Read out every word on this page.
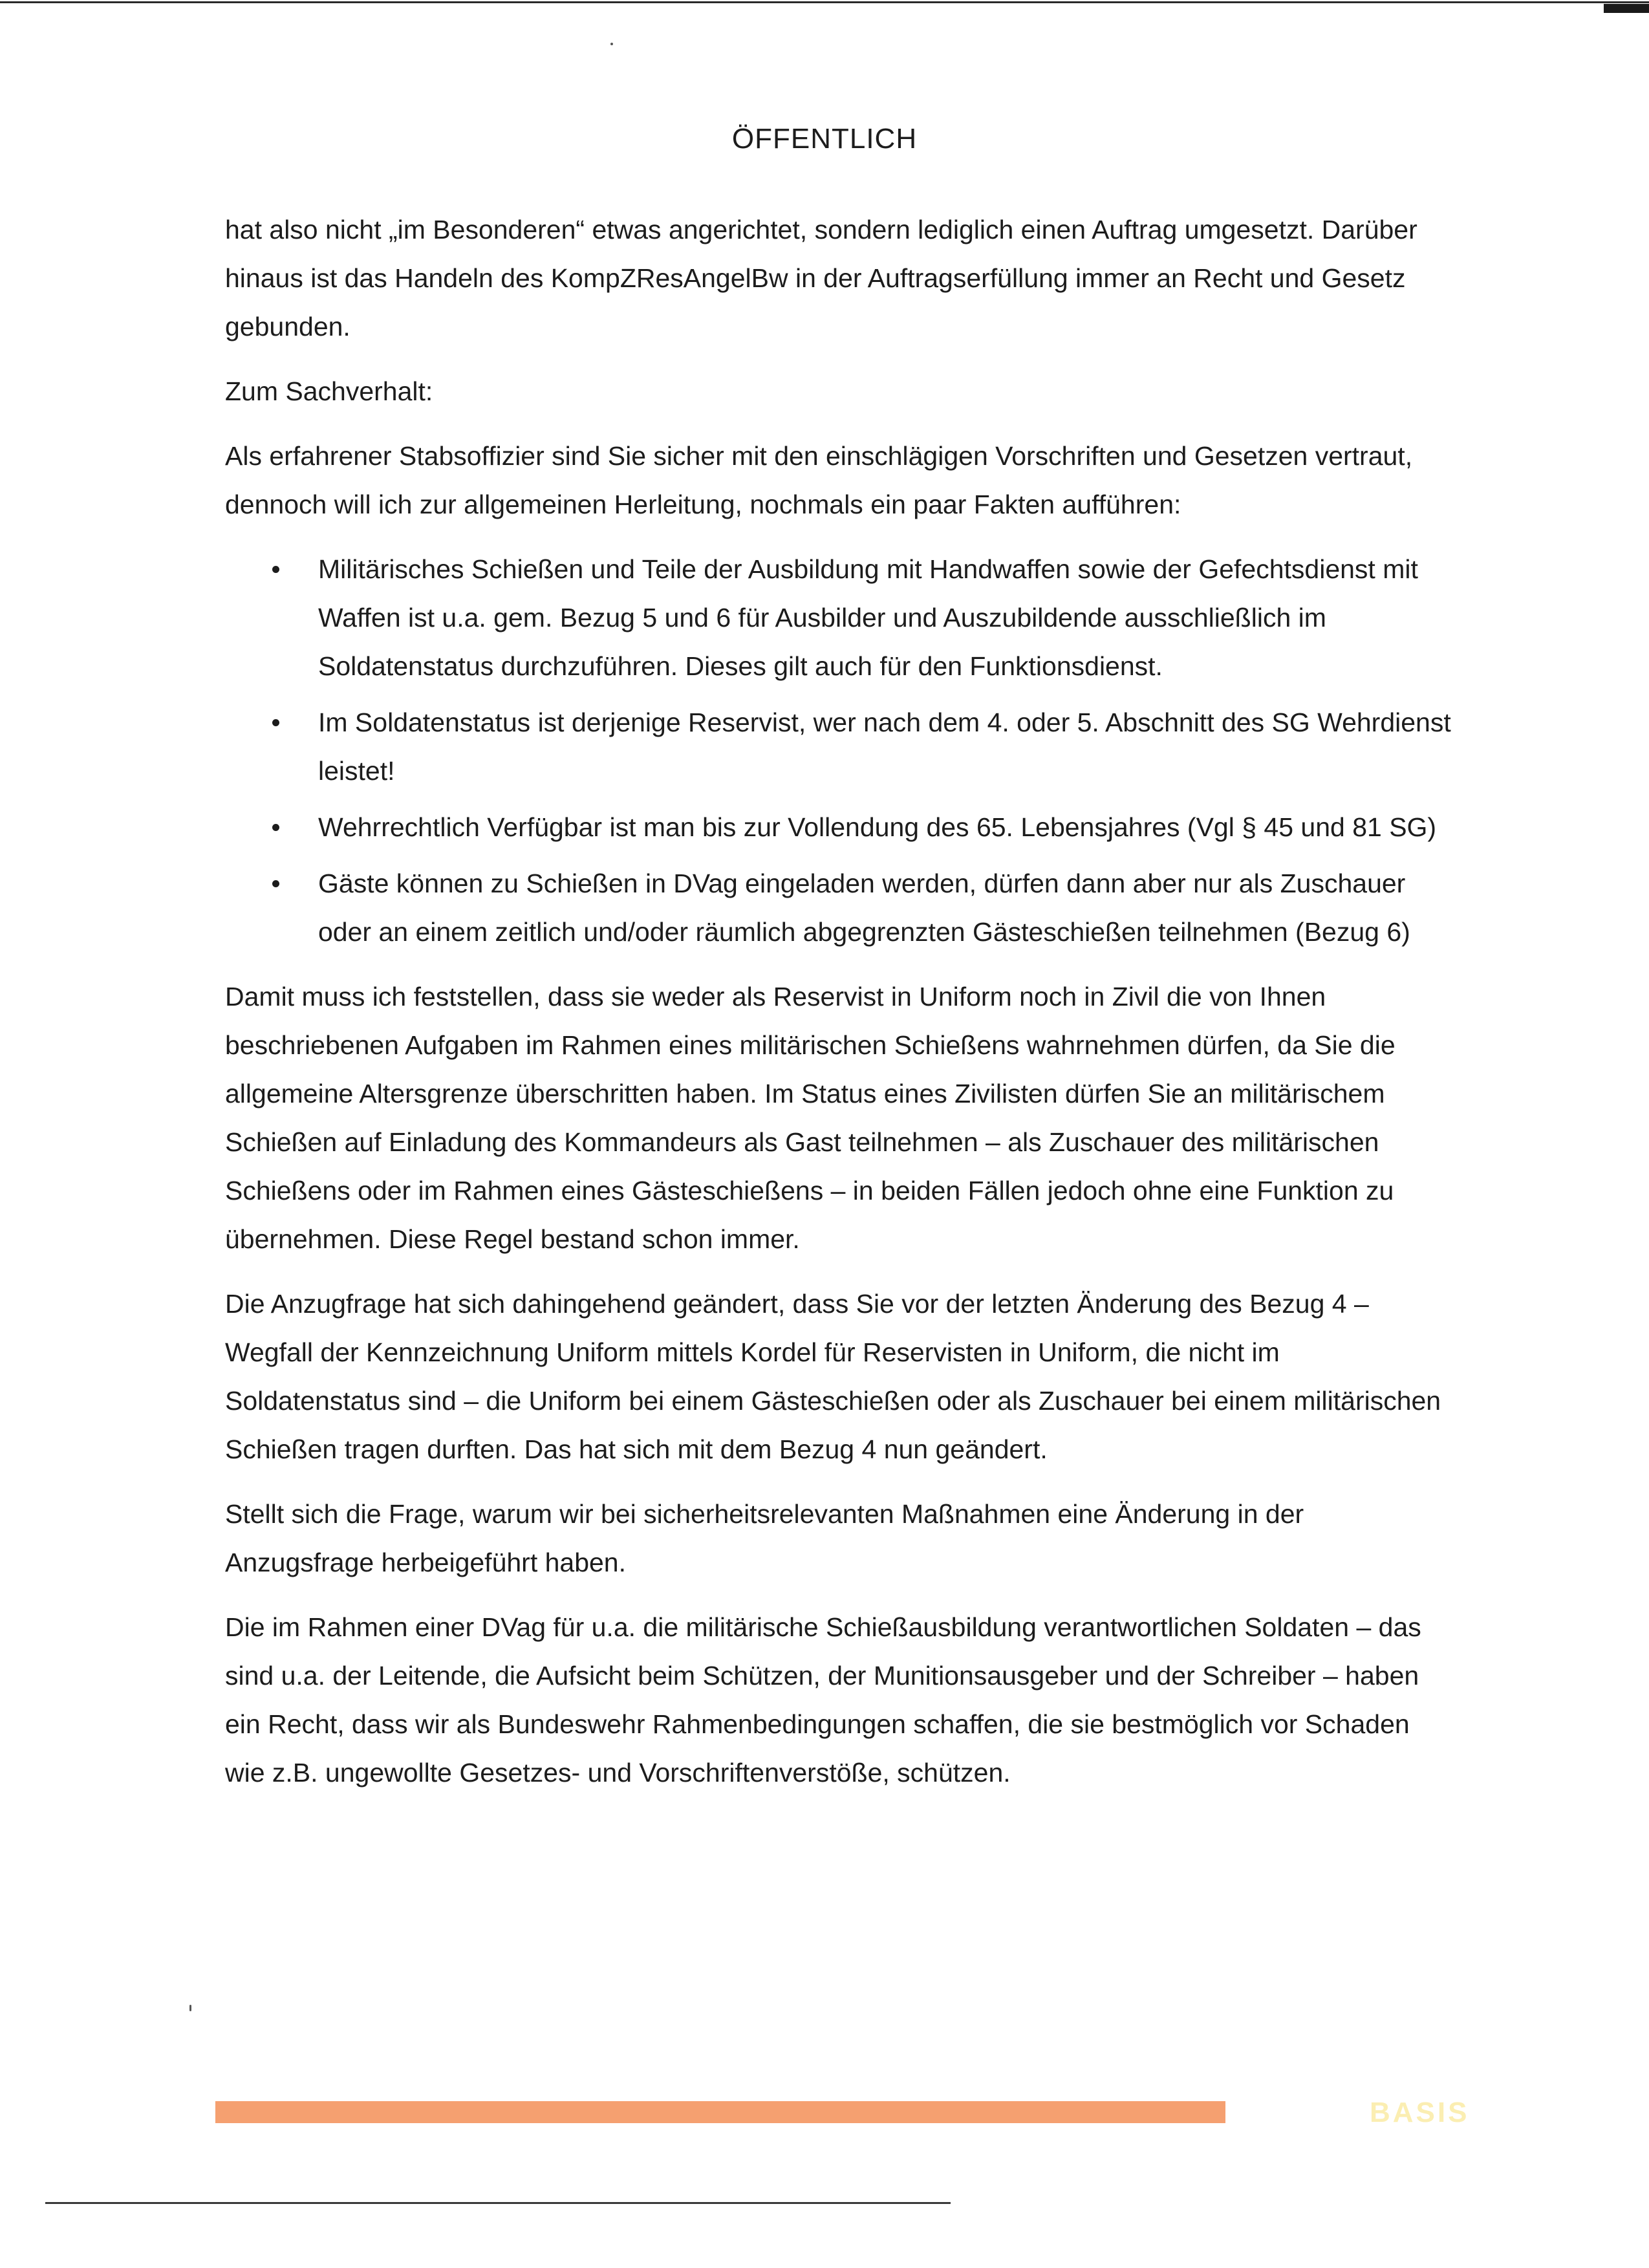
ÖFFENTLICH

hat also nicht „im Besonderen“ etwas angerichtet, sondern lediglich einen Auftrag umgesetzt. Darüber hinaus ist das Handeln des KompZResAngelBw in der Auftragserfüllung immer an Recht und Gesetz gebunden.

Zum Sachverhalt:

Als erfahrener Stabsoffizier sind Sie sicher mit den einschlägigen Vorschriften und Gesetzen vertraut, dennoch will ich zur allgemeinen Herleitung, nochmals ein paar Fakten aufführen:

Militärisches Schießen und Teile der Ausbildung mit Handwaffen sowie der Gefechtsdienst mit Waffen ist u.a. gem. Bezug 5 und 6 für Ausbilder und Auszubildende ausschließlich im Soldatenstatus durchzuführen. Dieses gilt auch für den Funktionsdienst.
Im Soldatenstatus ist derjenige Reservist, wer nach dem 4. oder 5. Abschnitt des SG Wehrdienst leistet!
Wehrrechtlich Verfügbar ist man bis zur Vollendung des 65. Lebensjahres (Vgl § 45 und 81 SG)
Gäste können zu Schießen in DVag eingeladen werden, dürfen dann aber nur als Zuschauer oder an einem zeitlich und/oder räumlich abgegrenzten Gästeschießen teilnehmen (Bezug 6)

Damit muss ich feststellen, dass sie weder als Reservist in Uniform noch in Zivil die von Ihnen beschriebenen Aufgaben im Rahmen eines militärischen Schießens wahrnehmen dürfen, da Sie die allgemeine Altersgrenze überschritten haben. Im Status eines Zivilisten dürfen Sie an militärischem Schießen auf Einladung des Kommandeurs als Gast teilnehmen – als Zuschauer des militärischen Schießens oder im Rahmen eines Gästeschießens – in beiden Fällen jedoch ohne eine Funktion zu übernehmen. Diese Regel bestand schon immer.

Die Anzugfrage hat sich dahingehend geändert, dass Sie vor der letzten Änderung des Bezug 4 – Wegfall der Kennzeichnung Uniform mittels Kordel für Reservisten in Uniform, die nicht im Soldatenstatus sind – die Uniform bei einem Gästeschießen oder als Zuschauer bei einem militärischen Schießen tragen durften. Das hat sich mit dem Bezug 4 nun geändert.

Stellt sich die Frage, warum wir bei sicherheitsrelevanten Maßnahmen eine Änderung in der Anzugsfrage herbeigeführt haben.

Die im Rahmen einer DVag für u.a. die militärische Schießausbildung verantwortlichen Soldaten – das sind u.a. der Leitende, die Aufsicht beim Schützen, der Munitionsausgeber und der Schreiber – haben ein Recht, dass wir als Bundeswehr Rahmenbedingungen schaffen, die sie bestmöglich vor Schaden wie z.B. ungewollte Gesetzes- und Vorschriftenverstöße, schützen.

BASIS
